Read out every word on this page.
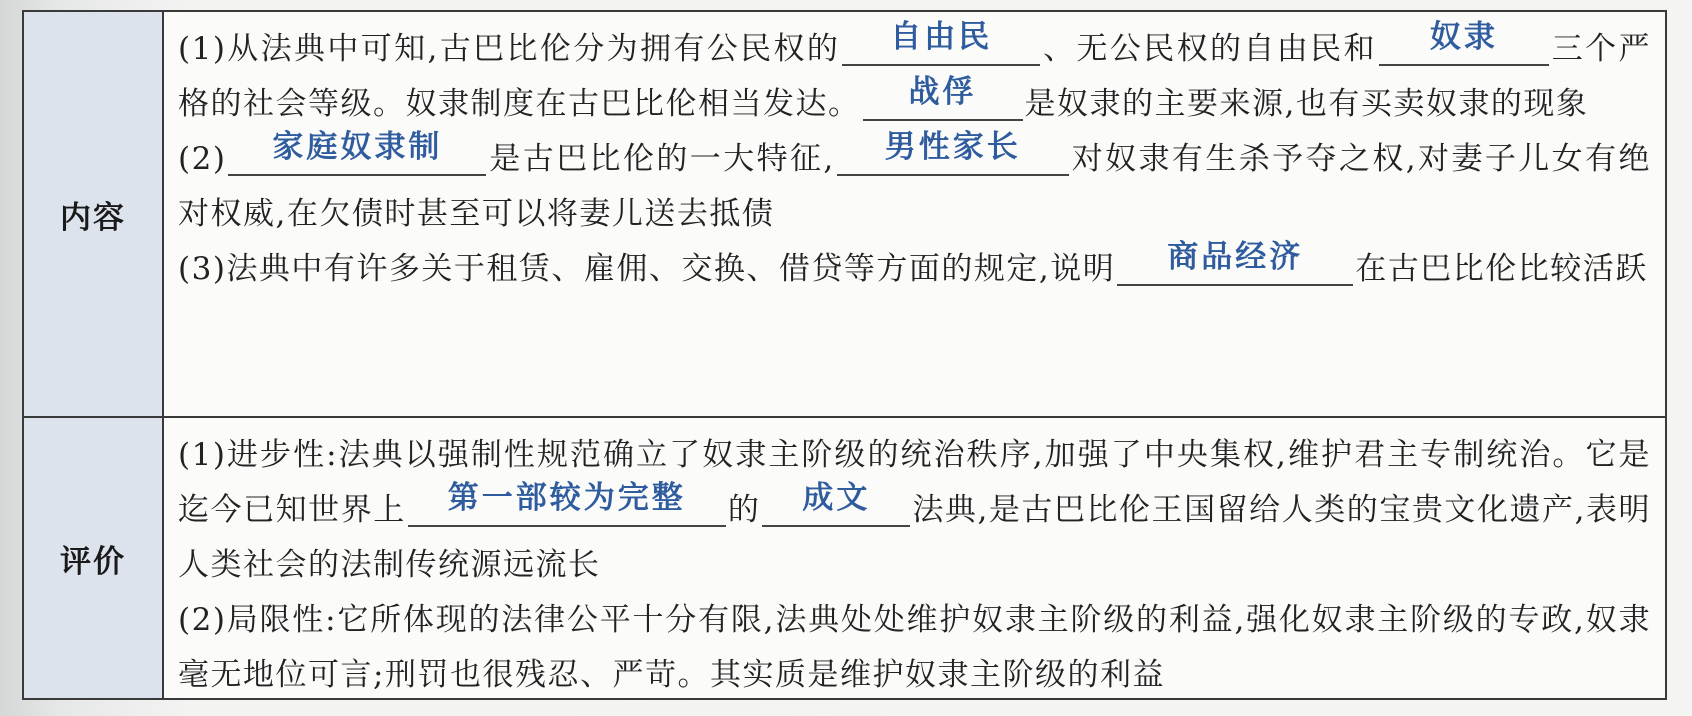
内容

(1)从法典中可知,古巴比伦分为拥有公民权的 自由民 、无公民权的自由民和 奴隶 三个严格的社会等级。奴隶制度在古巴比伦相当发达。 战俘 是奴隶的主要来源,也有买卖奴隶的现象

(2) 家庭奴隶制 是古巴比伦的一大特征, 男性家长 对奴隶有生杀予夺之权,对妻子儿女有绝对权威,在欠债时甚至可以将妻儿送去抵债

(3)法典中有许多关于租赁、雇佣、交换、借贷等方面的规定,说明 商品经济 在古巴比伦比较活跃

评价

(1)进步性:法典以强制性规范确立了奴隶主阶级的统治秩序,加强了中央集权,维护君主专制统治。它是迄今已知世界上 第一部较为完整 的 成文 法典,是古巴比伦王国留给人类的宝贵文化遗产,表明人类社会的法制传统源远流长

(2)局限性:它所体现的法律公平十分有限,法典处处维护奴隶主阶级的利益,强化奴隶主阶级的专政,奴隶毫无地位可言;刑罚也很残忍、严苛。其实质是维护奴隶主阶级的利益
